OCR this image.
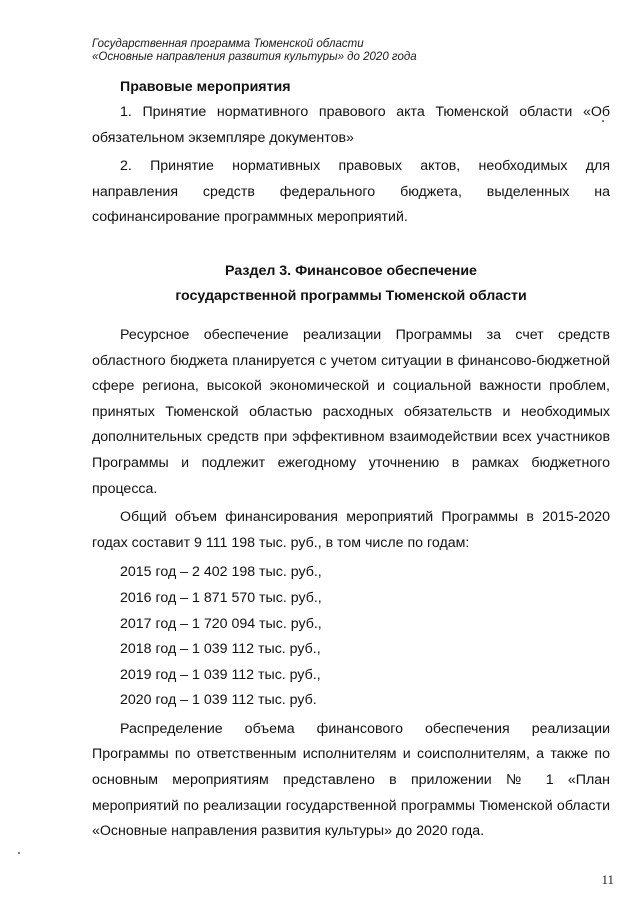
Государственная программа Тюменской области
«Основные направления развития культуры» до 2020 года
Правовые мероприятия

1. Принятие нормативного правового акта Тюменской области «Об обязательном экземпляре документов»

2. Принятие нормативных правовых актов, необходимых для направления средств федерального бюджета, выделенных на софинансирование программных мероприятий.

Раздел 3. Финансовое обеспечение

государственной программы Тюменской области

Ресурсное обеспечение реализации Программы за счет средств областного бюджета планируется с учетом ситуации в финансово-бюджетной сфере региона, высокой экономической и социальной важности проблем, принятых Тюменской областью расходных обязательств и необходимых дополнительных средств при эффективном взаимодействии всех участников Программы и подлежит ежегодному уточнению в рамках бюджетного процесса.

Общий объем финансирования мероприятий Программы в 2015-2020 годах составит 9 111 198 тыс. руб., в том числе по годам:

2015 год – 2 402 198 тыс. руб.,

2016 год – 1 871 570 тыс. руб.,

2017 год – 1 720 094 тыс. руб.,

2018 год – 1 039 112 тыс. руб.,

2019 год – 1 039 112 тыс. руб.,

2020 год – 1 039 112 тыс. руб.

Распределение объема финансового обеспечения реализации Программы по ответственным исполнителям и соисполнителям, а также по основным мероприятиям представлено в приложении № 1 «План мероприятий по реализации государственной программы Тюменской области «Основные направления развития культуры» до 2020 года.

11
